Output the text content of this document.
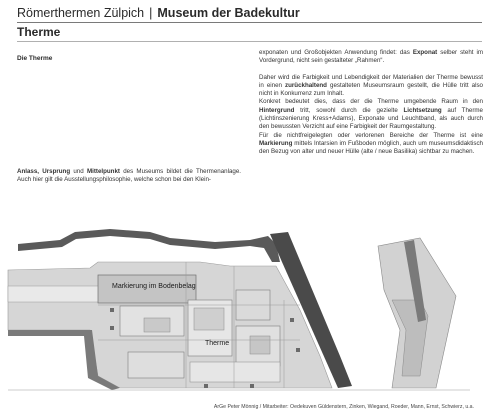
Römerthermen Zülpich | Museum der Badekultur
Therme
Die Therme

Anlass, Ursprung und Mittelpunkt des Museums bildet die Thermenanlage. Auch hier gilt die Ausstellungsphilosophie, welche schon bei den Klein-

exponaten und Großobjekten Anwendung findet: das Exponat selber steht im Vordergrund, nicht sein gestalteter „Rahmen“.

Daher wird die Farbigkeit und Lebendigkeit der Materialien der Therme bewusst in einen zurückhaltend gestalteten Museumsraum gestellt, die Hülle tritt also nicht in Konkurrenz zum Inhalt.

Konkret bedeutet dies, dass der die Therme umgebende Raum in den Hintergrund tritt, sowohl durch die gezielte Lichtsetzung auf Therme (Lichtinszenierung Kress+Adams), Exponate und Leuchtband, als auch durch den bewussten Verzicht auf eine Farbigkeit der Raumgestaltung.

Für die nichtfreigelegten oder verlorenen Bereiche der Therme ist eine Markierung mittels Intarsien im Fußboden möglich, auch um museumsdidaktisch den Bezug von alter und neuer Hülle (alte / neue Basilika) sichtbar zu machen.

Markierung im Bodenbelag
Therme
ArGe Peter Mönnig / Mitarbeiter: Oedekuven Güldenstern, Zinken, Wiegand, Roeder, Mann, Ernst, Schwierz, u.a.
